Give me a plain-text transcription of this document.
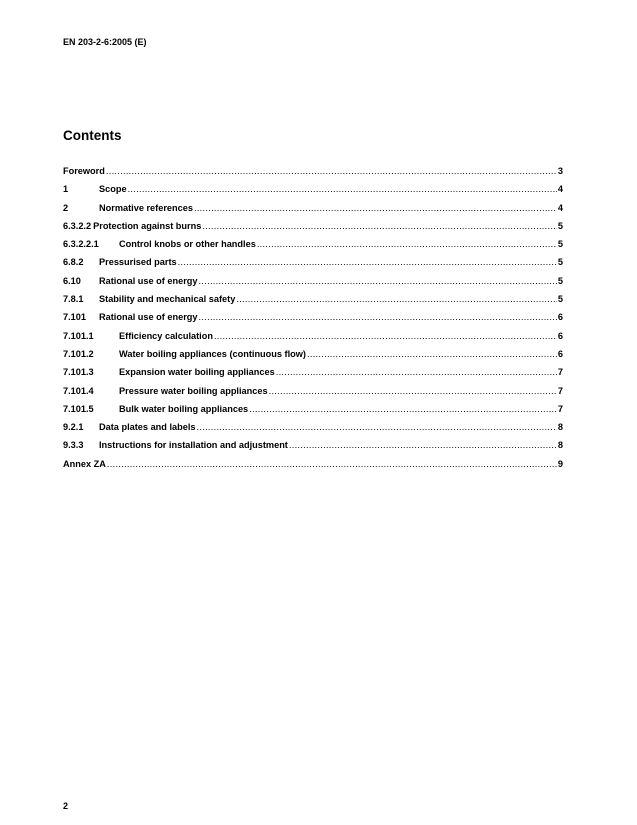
EN 203-2-6:2005 (E)
Contents
Foreword .....	3
1	Scope .....	4
2	Normative references .....	4
6.3.2.2 Protection against burns .....	5
6.3.2.2.1	Control knobs or other handles .....	5
6.8.2	Pressurised parts .....	5
6.10	Rational use of energy .....	5
7.8.1	Stability and mechanical safety .....	5
7.101	Rational use of energy .....	6
7.101.1	Efficiency calculation .....	6
7.101.2	Water boiling appliances (continuous flow) .....	6
7.101.3	Expansion water boiling appliances .....	7
7.101.4	Pressure water boiling appliances .....	7
7.101.5	Bulk water boiling appliances .....	7
9.2.1	Data plates and labels .....	8
9.3.3	Instructions for installation and adjustment .....	8
Annex ZA .....	9
2
